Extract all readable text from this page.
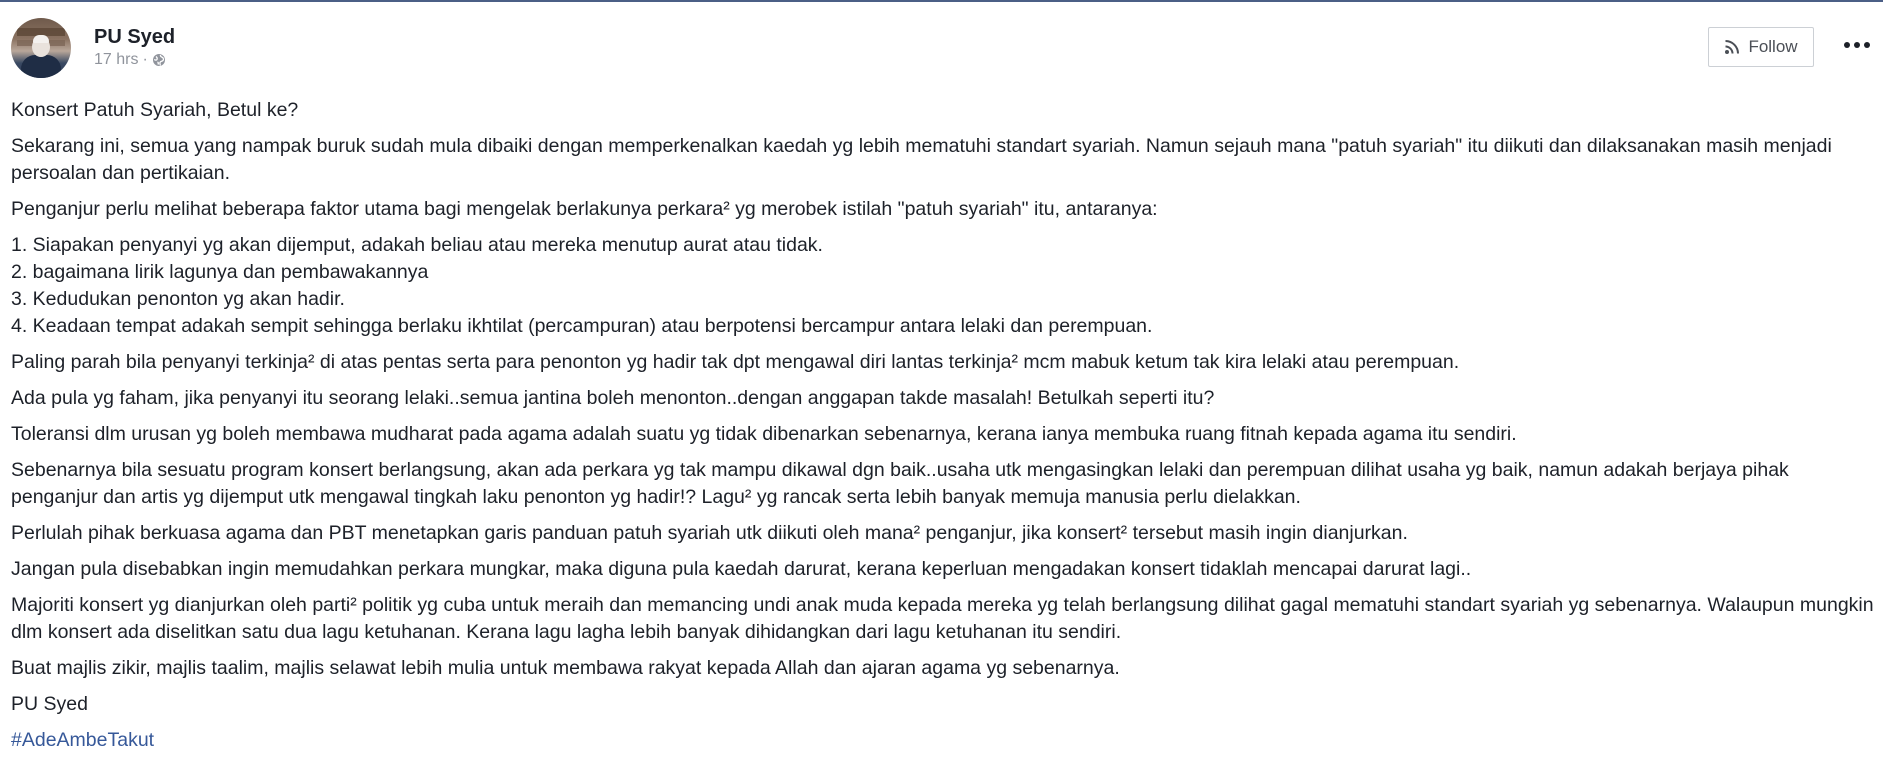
PU Syed
17 hrs ·
Follow

Konsert Patuh Syariah, Betul ke?

Sekarang ini, semua yang nampak buruk sudah mula dibaiki dengan memperkenalkan kaedah yg lebih mematuhi standart syariah. Namun sejauh mana "patuh syariah" itu diikuti dan dilaksanakan masih menjadi persoalan dan pertikaian.

Penganjur perlu melihat beberapa faktor utama bagi mengelak berlakunya perkara² yg merobek istilah "patuh syariah" itu, antaranya:

1. Siapakan penyanyi yg akan dijemput, adakah beliau atau mereka menutup aurat atau tidak.
2. bagaimana lirik lagunya dan pembawakannya
3. Kedudukan penonton yg akan hadir.
4. Keadaan tempat adakah sempit sehingga berlaku ikhtilat (percampuran) atau berpotensi bercampur antara lelaki dan perempuan.

Paling parah bila penyanyi terkinja² di atas pentas serta para penonton yg hadir tak dpt mengawal diri lantas terkinja² mcm mabuk ketum tak kira lelaki atau perempuan.

Ada pula yg faham, jika penyanyi itu seorang lelaki..semua jantina boleh menonton..dengan anggapan takde masalah! Betulkah seperti itu?

Toleransi dlm urusan yg boleh membawa mudharat pada agama adalah suatu yg tidak dibenarkan sebenarnya, kerana ianya membuka ruang fitnah kepada agama itu sendiri.

Sebenarnya bila sesuatu program konsert berlangsung, akan ada perkara yg tak mampu dikawal dgn baik..usaha utk mengasingkan lelaki dan perempuan dilihat usaha yg baik, namun adakah berjaya pihak penganjur dan artis yg dijemput utk mengawal tingkah laku penonton yg hadir!? Lagu² yg rancak serta lebih banyak memuja manusia perlu dielakkan.

Perlulah pihak berkuasa agama dan PBT menetapkan garis panduan patuh syariah utk diikuti oleh mana² penganjur, jika konsert² tersebut masih ingin dianjurkan.

Jangan pula disebabkan ingin memudahkan perkara mungkar, maka diguna pula kaedah darurat, kerana keperluan mengadakan konsert tidaklah mencapai darurat lagi..

Majoriti konsert yg dianjurkan oleh parti² politik yg cuba untuk meraih dan memancing undi anak muda kepada mereka yg telah berlangsung dilihat gagal mematuhi standart syariah yg sebenarnya. Walaupun mungkin dlm konsert ada diselitkan satu dua lagu ketuhanan. Kerana lagu lagha lebih banyak dihidangkan dari lagu ketuhanan itu sendiri.

Buat majlis zikir, majlis taalim, majlis selawat lebih mulia untuk membawa rakyat kepada Allah dan ajaran agama yg sebenarnya.

PU Syed

#AdeAmbeTakut
